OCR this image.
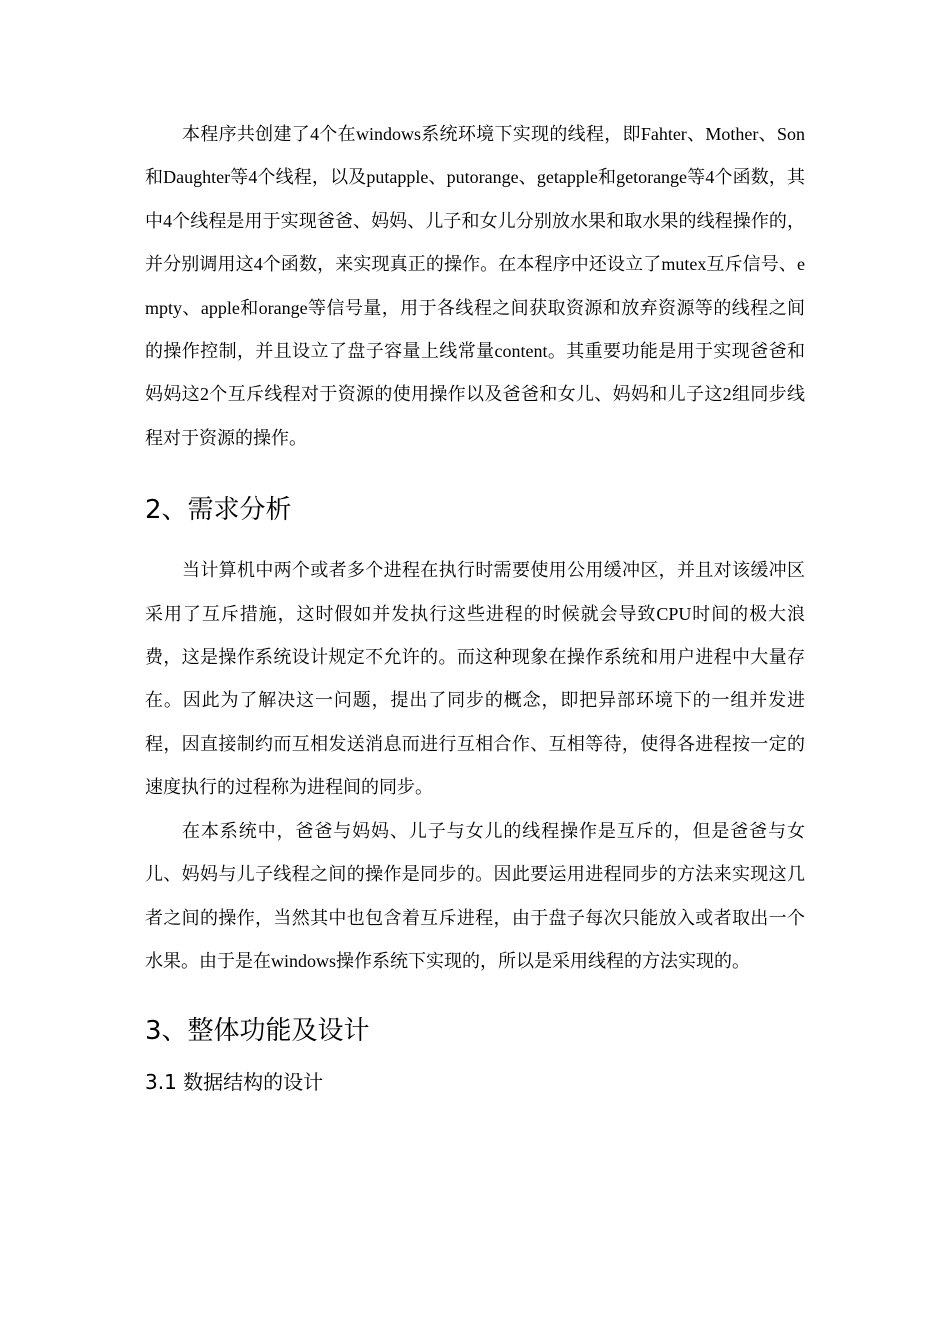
本程序共创建了4个在windows系统环境下实现的线程，即Fahter、Mother、Son和Daughter等4个线程，以及putapple、putorange、getapple和getorange等4个函数，其中4个线程是用于实现爸爸、妈妈、儿子和女儿分别放水果和取水果的线程操作的，并分别调用这4个函数，来实现真正的操作。在本程序中还设立了mutex互斥信号、empty、apple和orange等信号量，用于各线程之间获取资源和放弃资源等的线程之间的操作控制，并且设立了盘子容量上线常量content。其重要功能是用于实现爸爸和妈妈这2个互斥线程对于资源的使用操作以及爸爸和女儿、妈妈和儿子这2组同步线程对于资源的操作。

2、需求分析

当计算机中两个或者多个进程在执行时需要使用公用缓冲区，并且对该缓冲区采用了互斥措施，这时假如并发执行这些进程的时候就会导致CPU时间的极大浪费，这是操作系统设计规定不允许的。而这种现象在操作系统和用户进程中大量存在。因此为了解决这一问题，提出了同步的概念，即把异部环境下的一组并发进程，因直接制约而互相发送消息而进行互相合作、互相等待，使得各进程按一定的速度执行的过程称为进程间的同步。

在本系统中，爸爸与妈妈、儿子与女儿的线程操作是互斥的，但是爸爸与女儿、妈妈与儿子线程之间的操作是同步的。因此要运用进程同步的方法来实现这几者之间的操作，当然其中也包含着互斥进程，由于盘子每次只能放入或者取出一个水果。由于是在windows操作系统下实现的，所以是采用线程的方法实现的。

3、整体功能及设计
3.1 数据结构的设计
